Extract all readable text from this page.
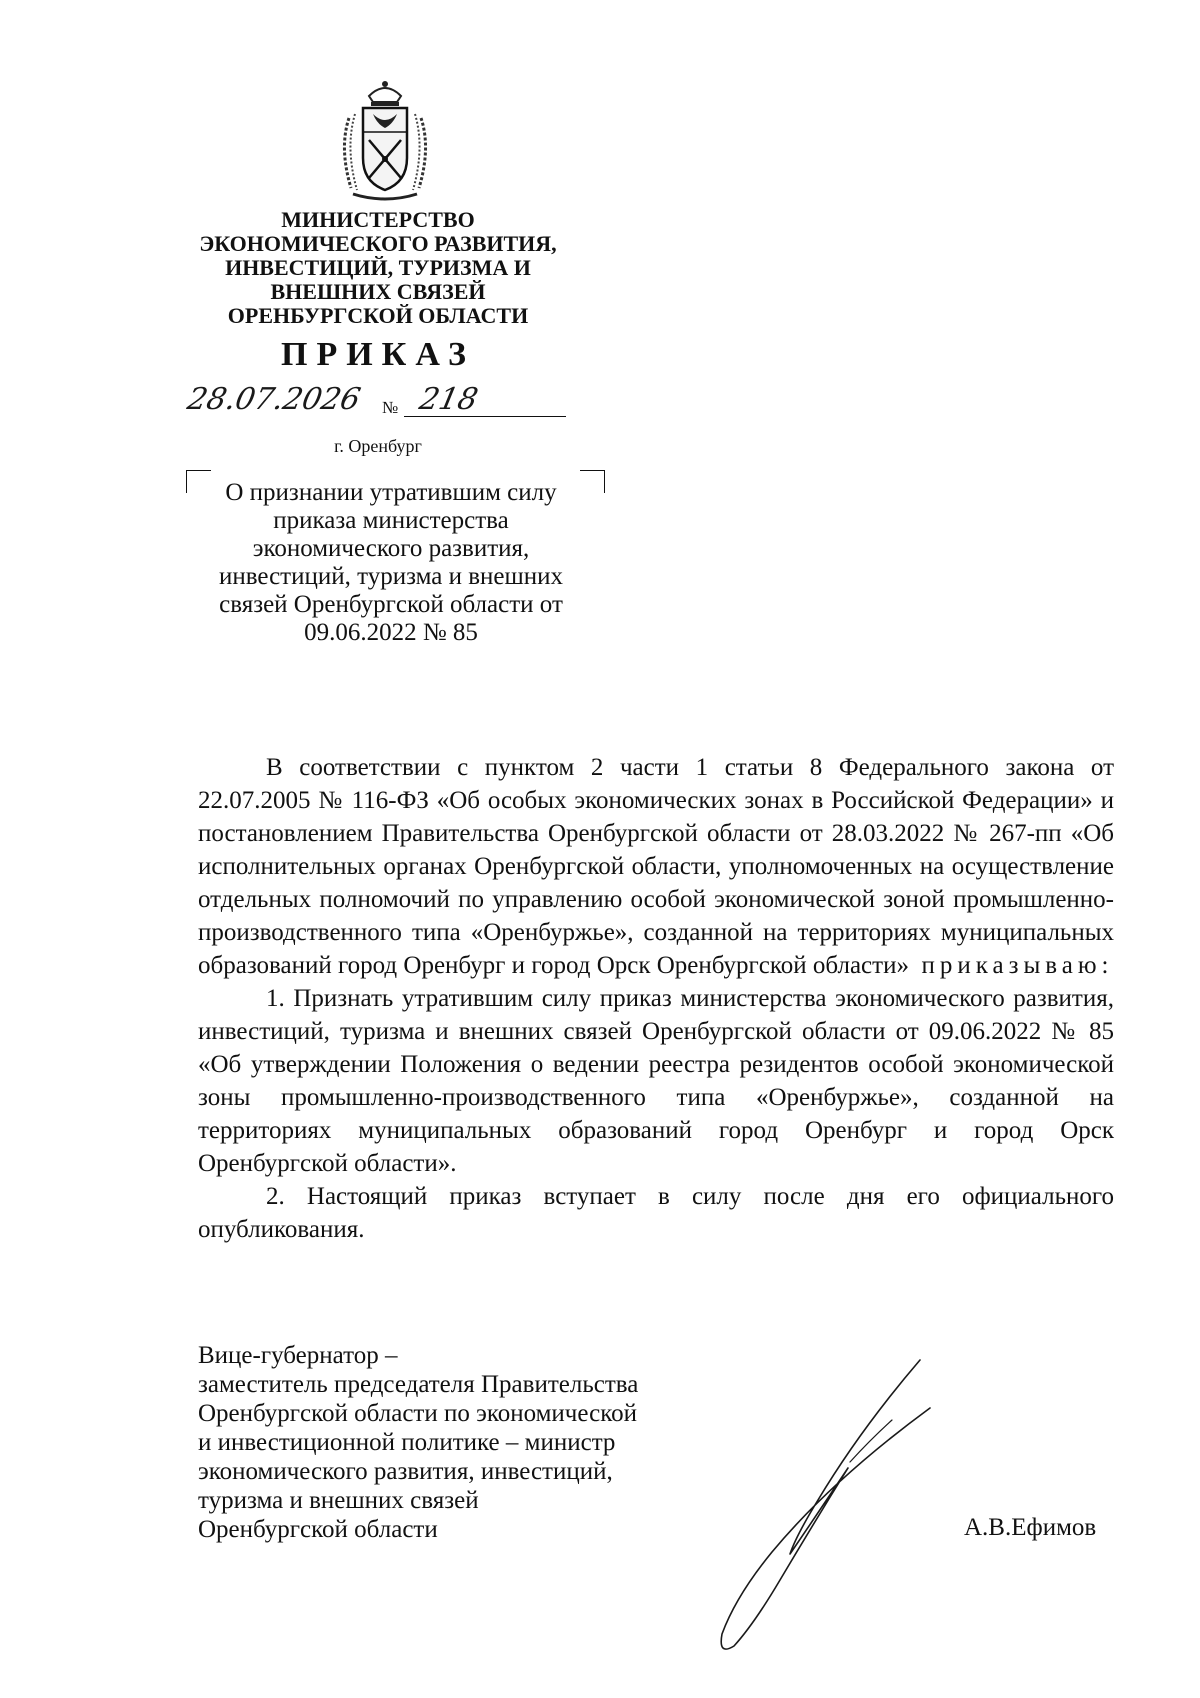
МИНИСТЕРСТВО
ЭКОНОМИЧЕСКОГО РАЗВИТИЯ,
ИНВЕСТИЦИЙ, ТУРИЗМА И
ВНЕШНИХ СВЯЗЕЙ
ОРЕНБУРГСКОЙ ОБЛАСТИ
ПРИКАЗ
28.07.2026 № 218
г. Оренбург
О признании утратившим силу
приказа министерства
экономического развития,
инвестиций, туризма и внешних
связей Оренбургской области от
09.06.2022 № 85

В соответствии с пунктом 2 части 1 статьи 8 Федерального закона от 22.07.2005 № 116-ФЗ «Об особых экономических зонах в Российской Федерации» и постановлением Правительства Оренбургской области от 28.03.2022 № 267-пп «Об исполнительных органах Оренбургской области, уполномоченных на осуществление отдельных полномочий по управлению особой экономической зоной промышленно-производственного типа «Оренбуржье», созданной на территориях муниципальных образований город Оренбург и город Орск Оренбургской области» приказываю:

1. Признать утратившим силу приказ министерства экономического развития, инвестиций, туризма и внешних связей Оренбургской области от 09.06.2022 № 85 «Об утверждении Положения о ведении реестра резидентов особой экономической зоны промышленно-производственного типа «Оренбуржье», созданной на территориях муниципальных образований город Оренбург и город Орск Оренбургской области».

2. Настоящий приказ вступает в силу после дня его официального опубликования.

Вице-губернатор –
заместитель председателя Правительства
Оренбургской области по экономической
и инвестиционной политике – министр
экономического развития, инвестиций,
туризма и внешних связей
Оренбургской области	А.В.Ефимов
